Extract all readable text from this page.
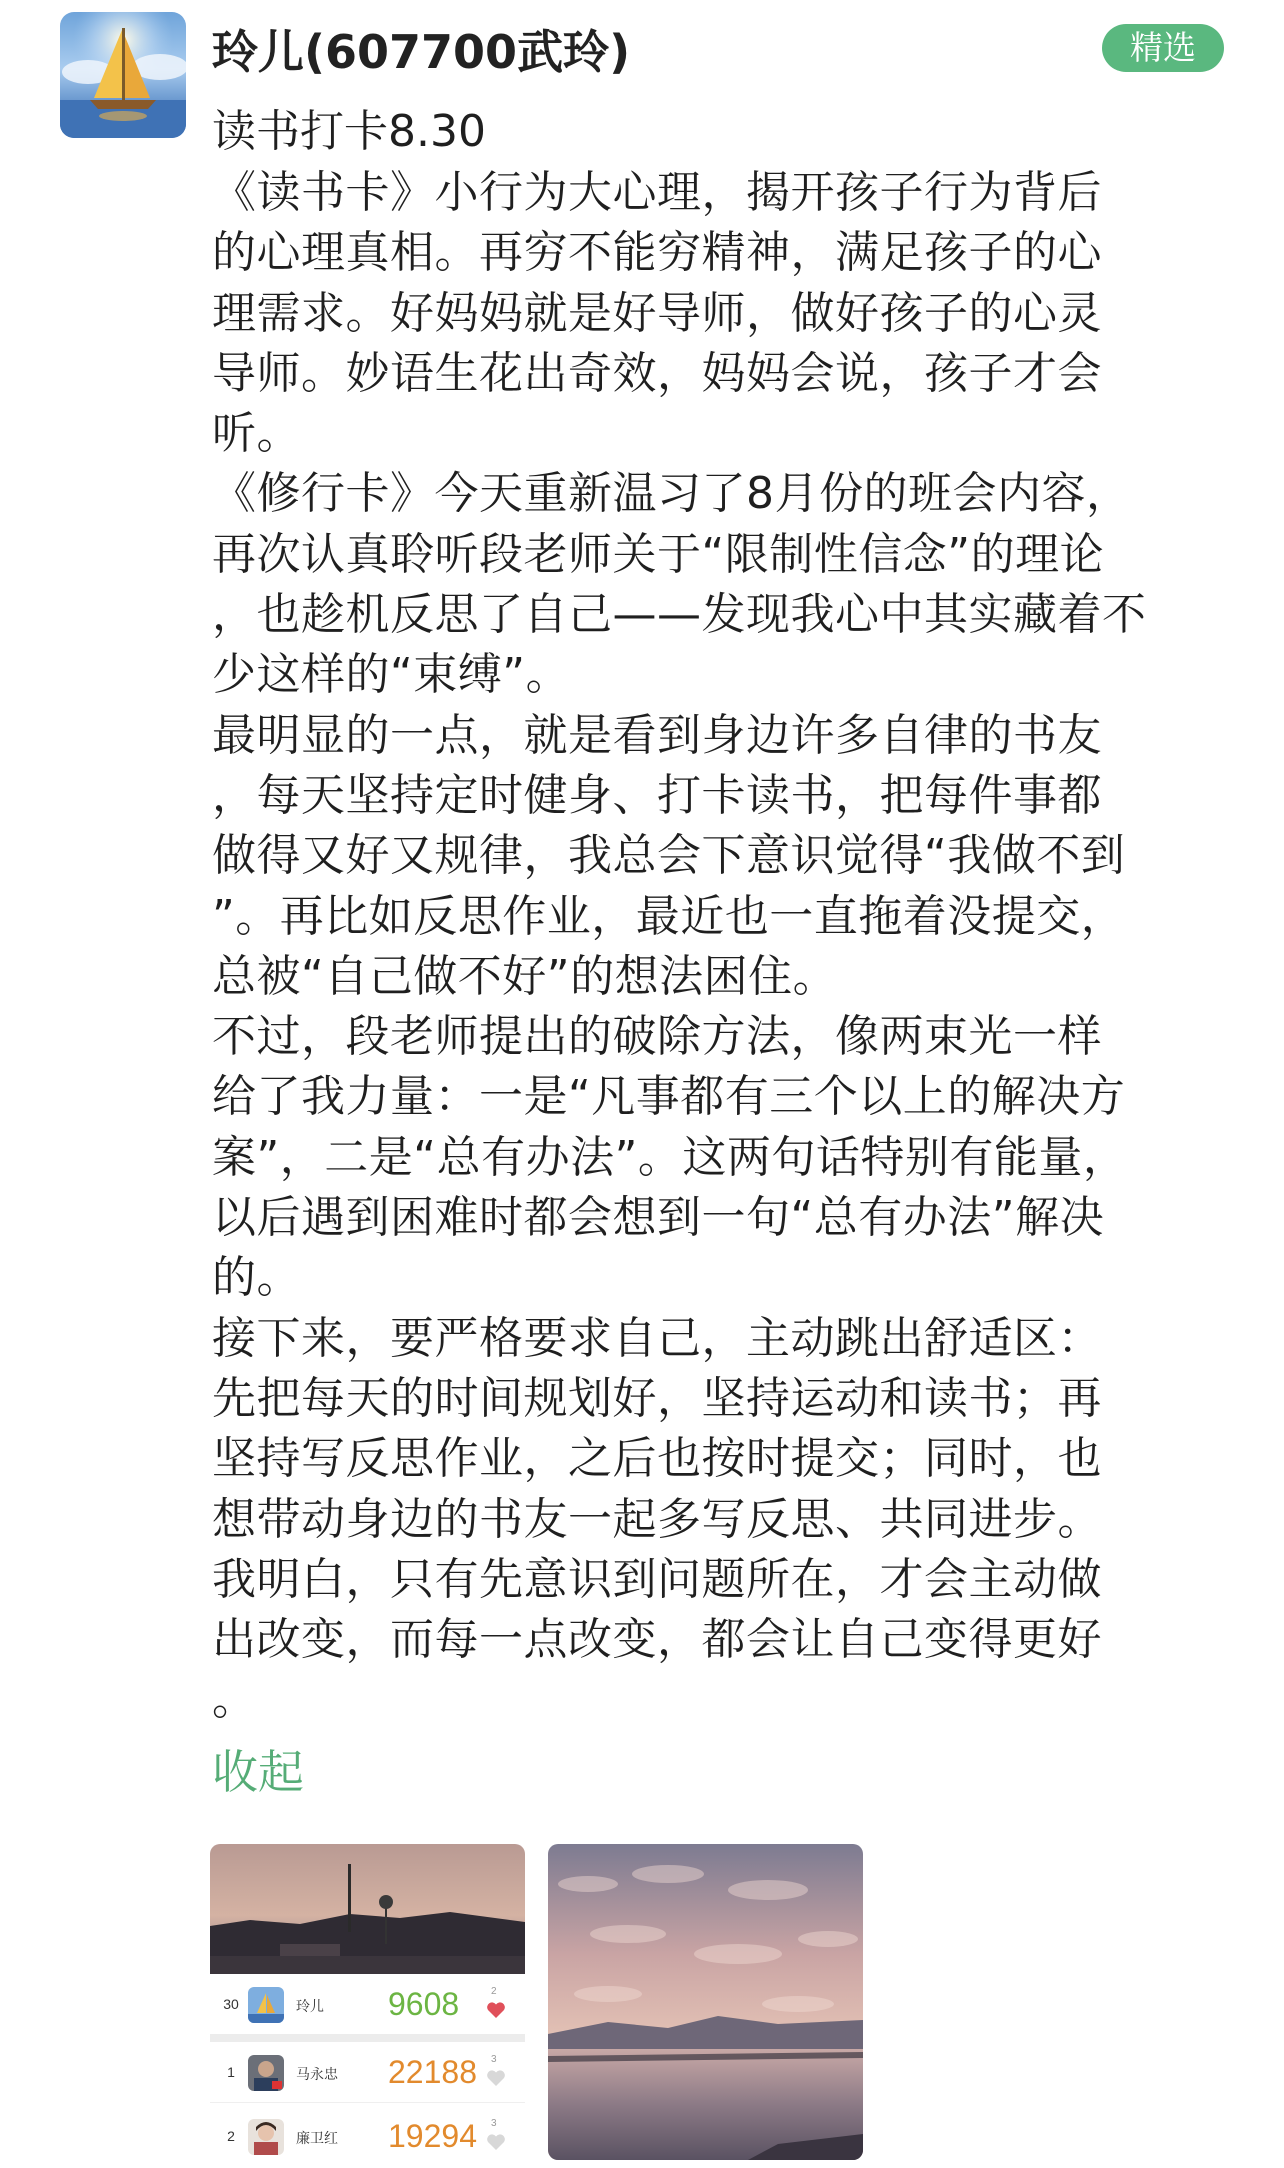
玲儿(607700武玲)	精选
读书打卡8.30
《读书卡》小行为大心理，揭开孩子行为背后
的心理真相。再穷不能穷精神，满足孩子的心
理需求。好妈妈就是好导师，做好孩子的心灵
导师。妙语生花出奇效，妈妈会说，孩子才会
听。
《修行卡》今天重新温习了8月份的班会内容，
再次认真聆听段老师关于“限制性信念”的理论
，也趁机反思了自己——发现我心中其实藏着不
少这样的“束缚”。
最明显的一点，就是看到身边许多自律的书友
，每天坚持定时健身、打卡读书，把每件事都
做得又好又规律，我总会下意识觉得“我做不到
”。再比如反思作业，最近也一直拖着没提交，
总被“自己做不好”的想法困住。
不过，段老师提出的破除方法，像两束光一样
给了我力量：一是“凡事都有三个以上的解决方
案”，二是“总有办法”。这两句话特别有能量，
以后遇到困难时都会想到一句“总有办法”解决
的。
接下来，要严格要求自己，主动跳出舒适区：
先把每天的时间规划好，坚持运动和读书；再
坚持写反思作业，之后也按时提交；同时，也
想带动身边的书友一起多写反思、共同进步。
我明白，只有先意识到问题所在，才会主动做
出改变，而每一点改变，都会让自己变得更好
。
收起
30	玲儿 9608	2
1	马永忠 22188 3
2	廉卫红 19294 3
